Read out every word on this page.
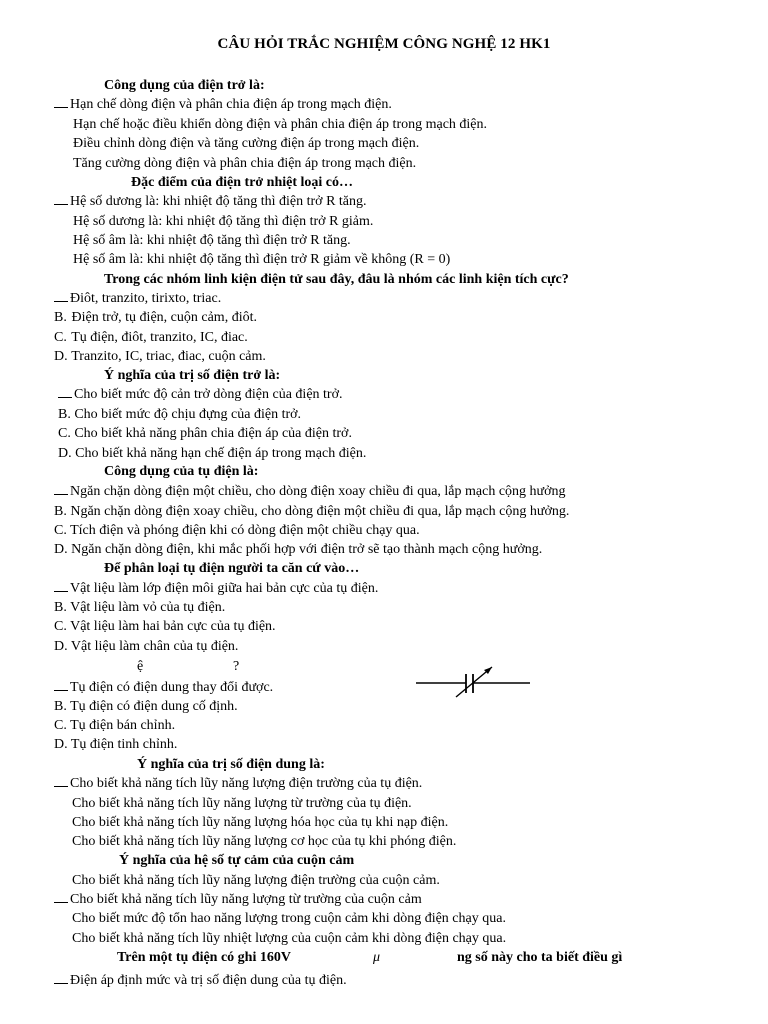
CÂU HỎI TRẮC NGHIỆM CÔNG NGHỆ 12 HK1
Công dụng của điện trở là:
Hạn chế dòng điện và phân chia điện áp trong mạch điện.
Hạn chế hoặc điều khiển dòng điện và phân chia điện áp trong mạch điện.
Điều chỉnh dòng điện và tăng cường điện áp trong mạch điện.
Tăng cường dòng điện và phân chia điện áp trong mạch điện.
Đặc điểm của điện trở nhiệt loại có…
Hệ số dương là: khi nhiệt độ tăng thì điện trở R tăng.
Hệ số dương là: khi nhiệt độ tăng thì điện trở R giảm.
Hệ số âm là: khi nhiệt độ tăng thì điện trở R tăng.
Hệ số âm là: khi nhiệt độ tăng thì điện trở R giảm về không (R = 0)
Trong các nhóm linh kiện điện tử sau đây, đâu là nhóm các linh kiện tích cực?
Điôt, tranzito, tirixto, triac.
B. Điện trở, tụ điện, cuộn cảm, điôt.
C. Tụ điện, điôt, tranzito, IC, điac.
D. Tranzito, IC, triac, điac, cuộn cảm.
Ý nghĩa của trị số điện trở là:
Cho biết mức độ cản trở dòng điện của điện trở.
B. Cho biết mức độ chịu đựng của điện trở.
C. Cho biết khả năng phân chia điện áp của điện trở.
D. Cho biết khả năng hạn chế điện áp trong mạch điện.
Công dụng của tụ điện là:
Ngăn chặn dòng điện một chiều, cho dòng điện xoay chiều đi qua, lắp mạch cộng hưởng
B. Ngăn chặn dòng điện xoay chiều, cho dòng điện một chiều đi qua, lắp mạch cộng hưởng.
C. Tích điện và phóng điện khi có dòng điện một chiều chạy qua.
D. Ngăn chặn dòng điện, khi mắc phối hợp với điện trở sẽ tạo thành mạch cộng hưởng.
Để phân loại tụ điện người ta căn cứ vào…
Vật liệu làm lớp điện môi giữa hai bản cực của tụ điện.
B. Vật liệu làm vỏ của tụ điện.
C. Vật liệu làm hai bản cực của tụ điện.
D. Vật liệu làm chân của tụ điện.
ệ	?
Tụ điện có điện dung thay đổi được.
B. Tụ điện có điện dung cố định.
C. Tụ điện bán chỉnh.
D. Tụ điện tinh chỉnh.
Ý nghĩa của trị số điện dung là:
Cho biết khả năng tích lũy năng lượng điện trường của tụ điện.
Cho biết khả năng tích lũy năng lượng từ trường của tụ điện.
Cho biết khả năng tích lũy năng lượng hóa học của tụ khi nạp điện.
Cho biết khả năng tích lũy năng lượng cơ học của tụ khi phóng điện.
Ý nghĩa của hệ số tự cảm của cuộn cảm
Cho biết khả năng tích lũy năng lượng điện trường của cuộn cảm.
Cho biết khả năng tích lũy năng lượng từ trường của cuộn cảm
Cho biết mức độ tổn hao năng lượng trong cuộn cảm khi dòng điện chạy qua.
Cho biết khả năng tích lũy nhiệt lượng của cuộn cảm khi dòng điện chạy qua.
Trên một tụ điện có ghi 160V	μ	ng số này cho ta biết điều gì
Điện áp định mức và trị số điện dung của tụ điện.
